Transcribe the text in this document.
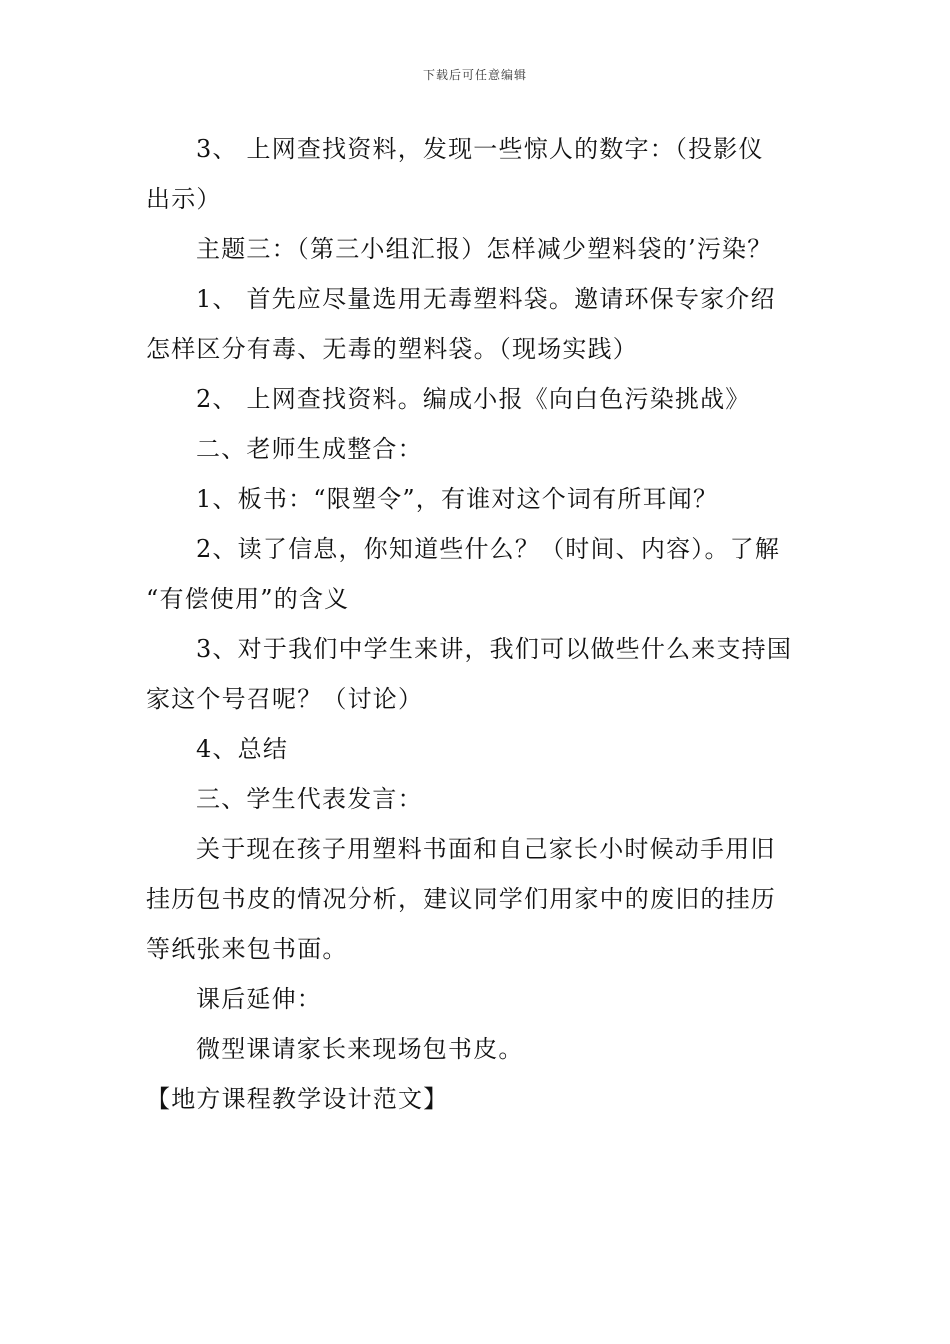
下载后可任意编辑

3、 上网查找资料，发现一些惊人的数字：（投影仪
出示）

主题三：（第三小组汇报）怎样减少塑料袋的’污染？

1、 首先应尽量选用无毒塑料袋。邀请环保专家介绍
怎样区分有毒、无毒的塑料袋。（现场实践）

2、 上网查找资料。编成小报《向白色污染挑战》

二、老师生成整合：

1、板书：“限塑令”，有谁对这个词有所耳闻？

2、读了信息，你知道些什么？（时间、内容）。了解
“有偿使用”的含义

3、对于我们中学生来讲，我们可以做些什么来支持国
家这个号召呢？（讨论）

4、总结

三、学生代表发言：

关于现在孩子用塑料书面和自己家长小时候动手用旧
挂历包书皮的情况分析，建议同学们用家中的废旧的挂历
等纸张来包书面。

课后延伸：

微型课请家长来现场包书皮。

【地方课程教学设计范文】
